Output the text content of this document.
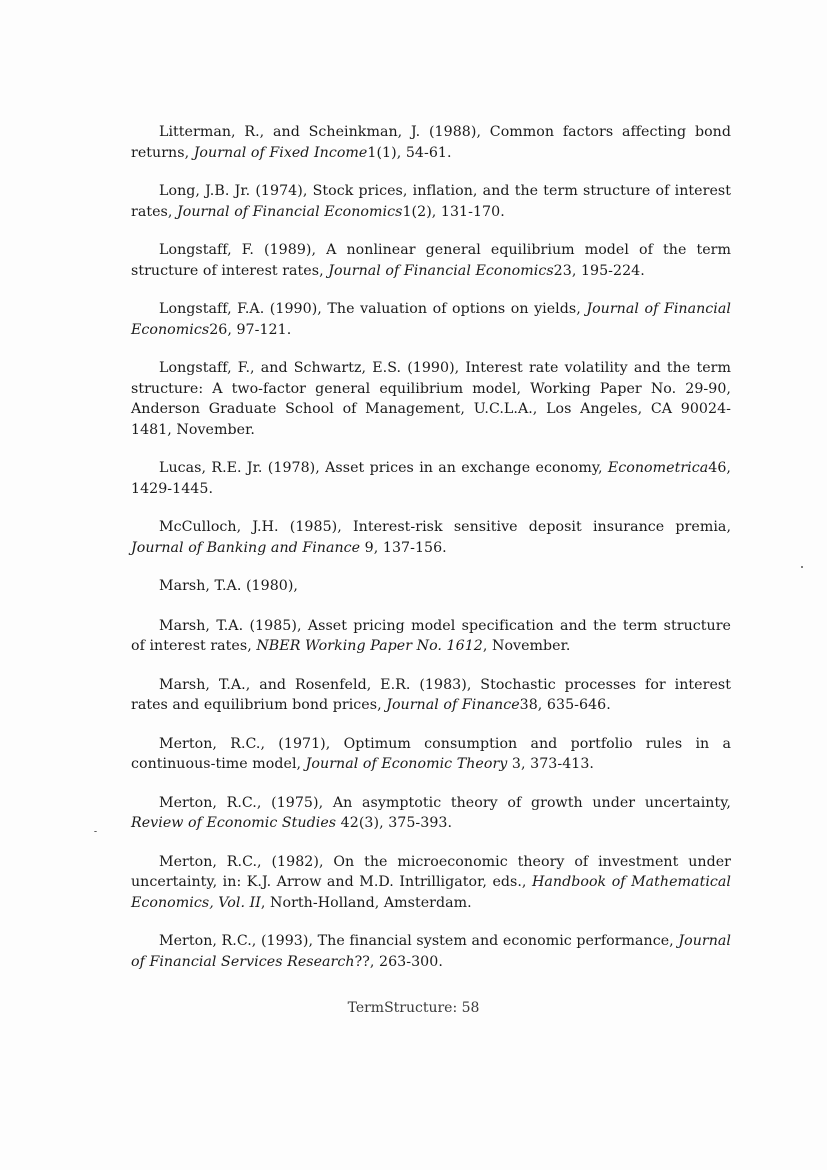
Litterman, R., and Scheinkman, J. (1988), Common factors affecting bond returns, Journal of Fixed Income1(1), 54-61.

Long, J.B. Jr. (1974), Stock prices, inflation, and the term structure of interest rates, Journal of Financial Economics1(2), 131-170.

Longstaff, F. (1989), A nonlinear general equilibrium model of the term structure of interest rates, Journal of Financial Economics23, 195-224.

Longstaff, F.A. (1990), The valuation of options on yields, Journal of Financial Economics26, 97-121.

Longstaff, F., and Schwartz, E.S. (1990), Interest rate volatility and the term structure: A two-factor general equilibrium model, Working Paper No. 29-90, Anderson Graduate School of Management, U.C.L.A., Los Angeles, CA 90024-1481, November.

Lucas, R.E. Jr. (1978), Asset prices in an exchange economy, Econometrica46, 1429-1445.

McCulloch, J.H. (1985), Interest-risk sensitive deposit insurance premia, Journal of Banking and Finance 9, 137-156.

Marsh, T.A. (1980),

Marsh, T.A. (1985), Asset pricing model specification and the term structure of interest rates, NBER Working Paper No. 1612, November.

Marsh, T.A., and Rosenfeld, E.R. (1983), Stochastic processes for interest rates and equilibrium bond prices, Journal of Finance38, 635-646.

Merton, R.C., (1971), Optimum consumption and portfolio rules in a continuous-time model, Journal of Economic Theory 3, 373-413.

Merton, R.C., (1975), An asymptotic theory of growth under uncertainty, Review of Economic Studies 42(3), 375-393.

Merton, R.C., (1982), On the microeconomic theory of investment under uncertainty, in: K.J. Arrow and M.D. Intrilligator, eds., Handbook of Mathematical Economics, Vol. II, North-Holland, Amsterdam.

Merton, R.C., (1993), The financial system and economic performance, Journal of Financial Services Research??, 263-300.

TermStructure: 58
